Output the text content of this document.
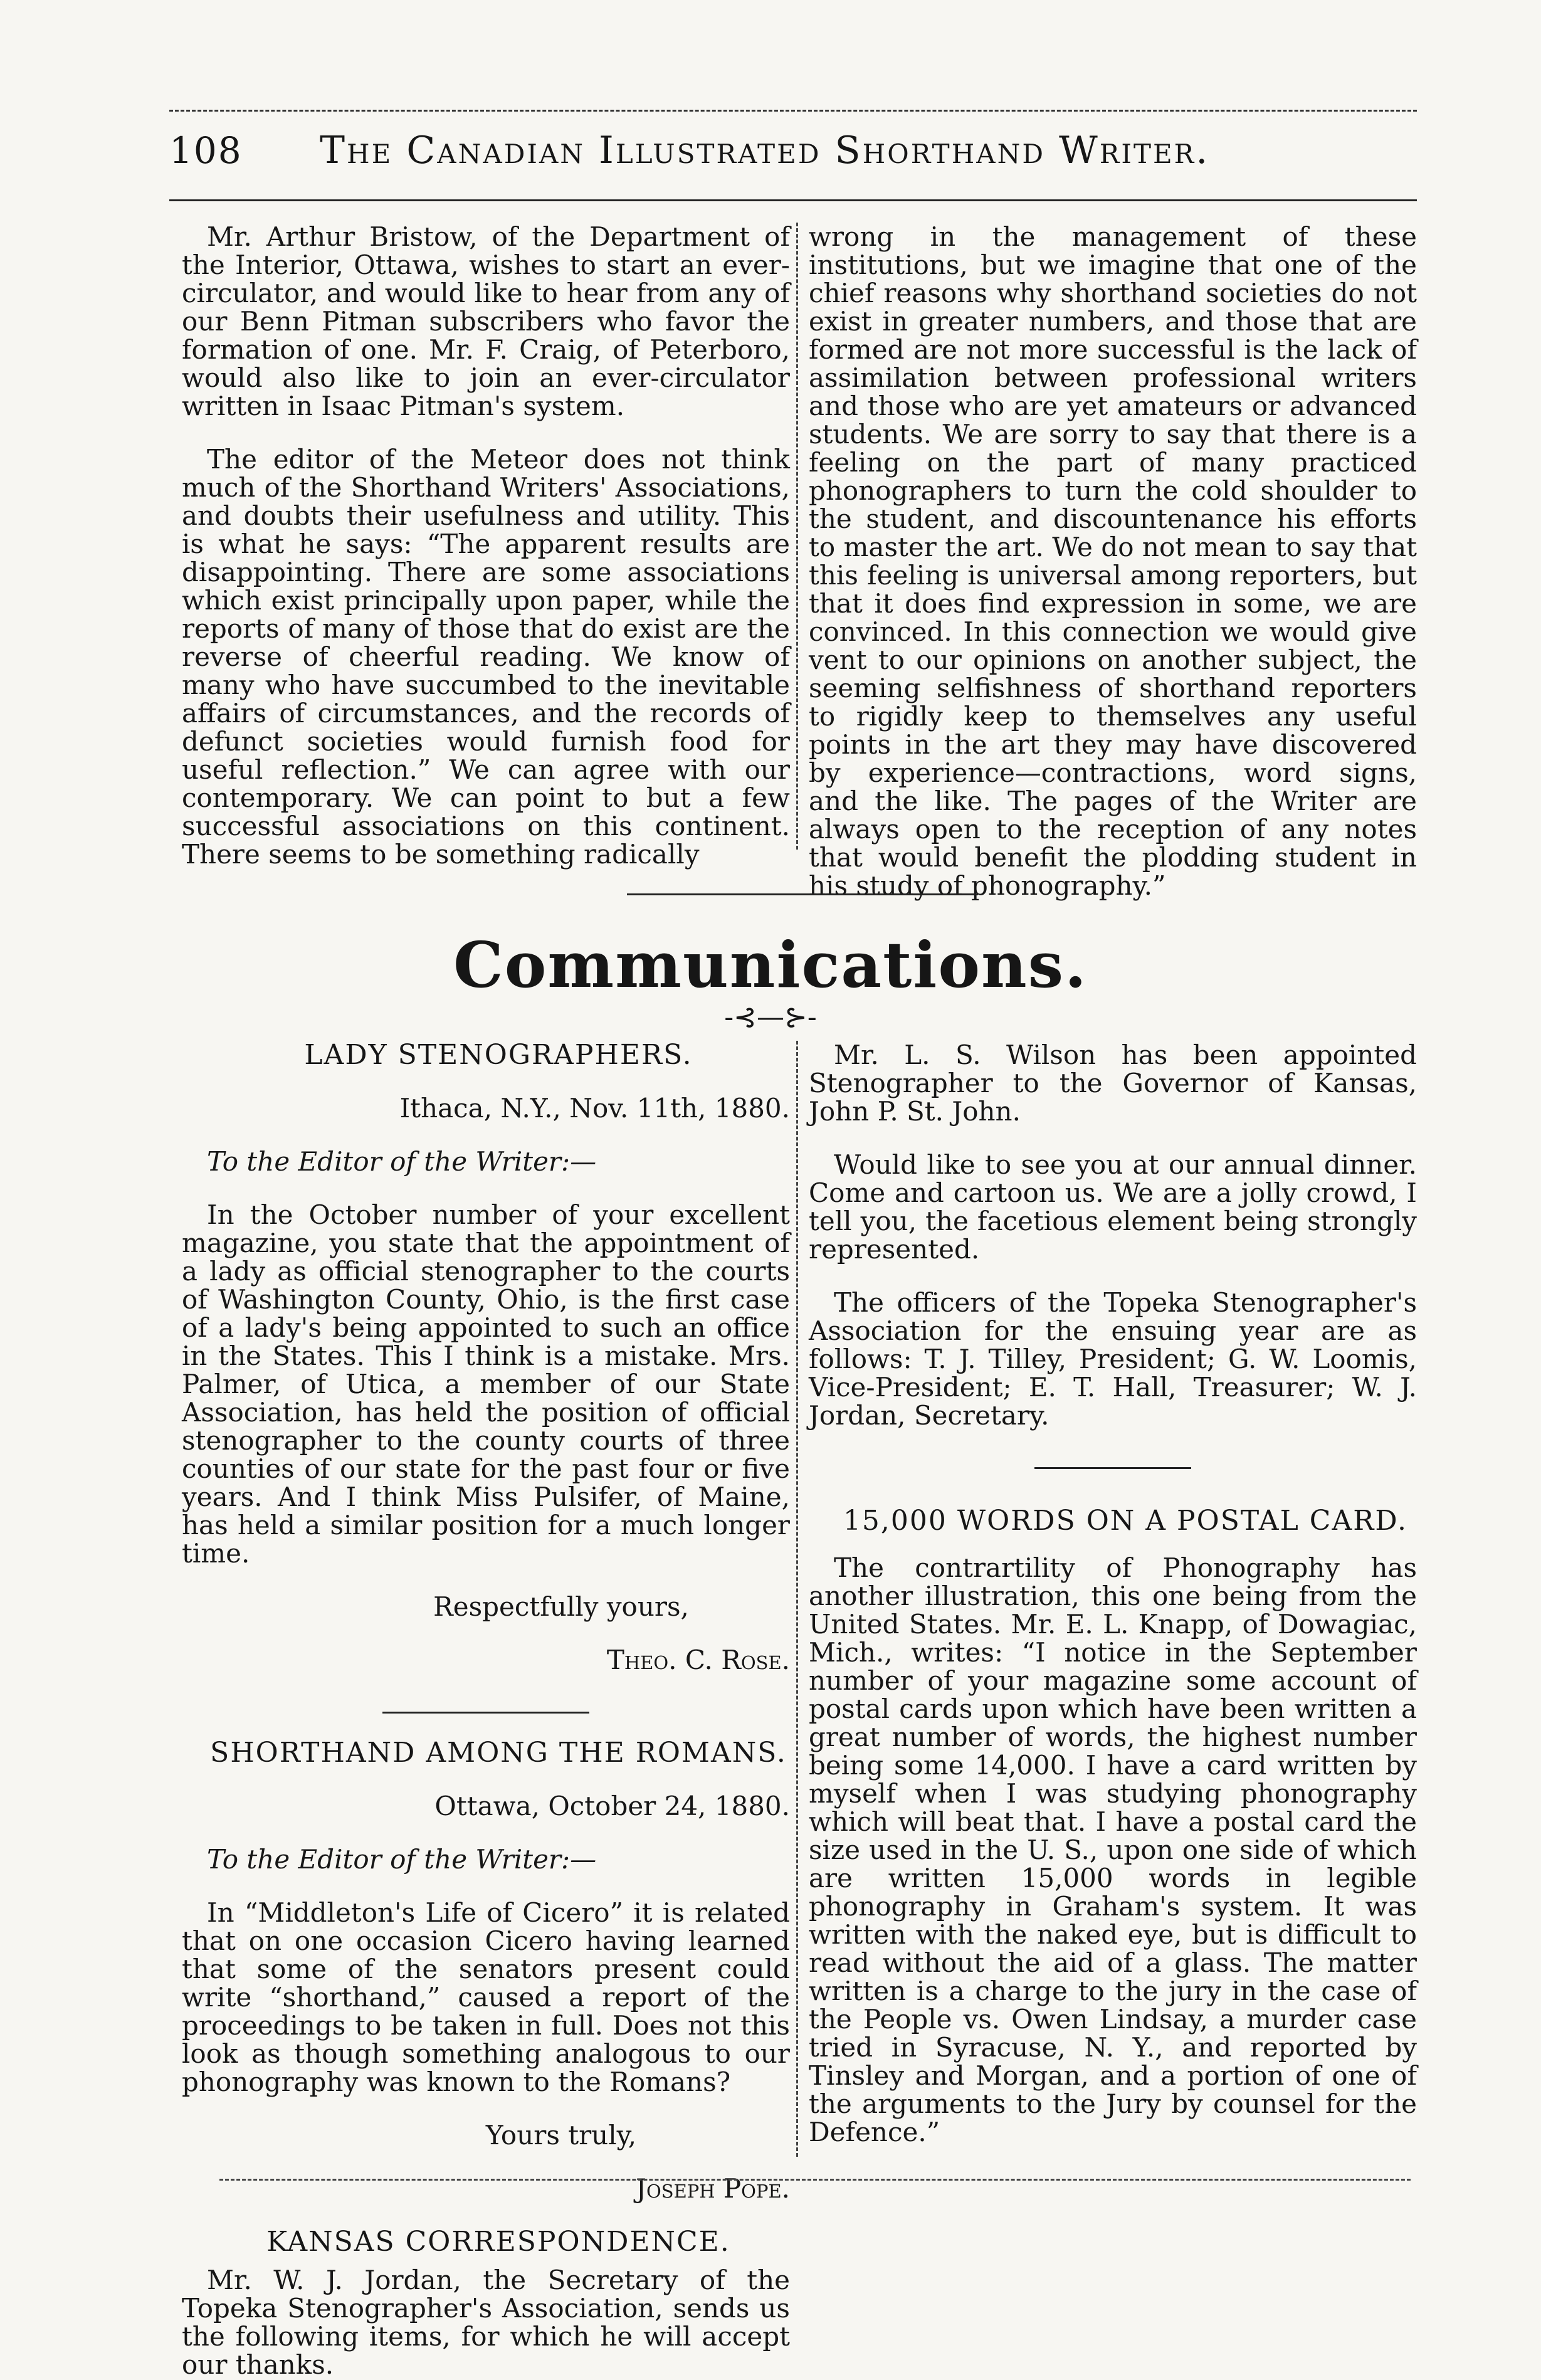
108	The Canadian Illustrated Shorthand Writer.

Mr. Arthur Bristow, of the Department of the Interior, Ottawa, wishes to start an ever-circulator, and would like to hear from any of our Benn Pitman subscribers who favor the formation of one. Mr. F. Craig, of Peterboro, would also like to join an ever-circulator written in Isaac Pitman's system.

The editor of the Meteor does not think much of the Shorthand Writers' Associations, and doubts their usefulness and utility. This is what he says: “The apparent results are disappointing. There are some associations which exist principally upon paper, while the reports of many of those that do exist are the reverse of cheerful reading. We know of many who have succumbed to the inevitable affairs of circumstances, and the records of defunct societies would furnish food for useful reflection.” We can agree with our contemporary. We can point to but a few successful associations on this continent. There seems to be something radically

wrong in the management of these institutions, but we imagine that one of the chief reasons why shorthand societies do not exist in greater numbers, and those that are formed are not more successful is the lack of assimilation between professional writers and those who are yet amateurs or advanced students. We are sorry to say that there is a feeling on the part of many practiced phonographers to turn the cold shoulder to the student, and discountenance his efforts to master the art. We do not mean to say that this feeling is universal among reporters, but that it does find expression in some, we are convinced. In this connection we would give vent to our opinions on another subject, the seeming selfishness of shorthand reporters to rigidly keep to themselves any useful points in the art they may have discovered by experience—contractions, word signs, and the like. The pages of the Writer are always open to the reception of any notes that would benefit the plodding student in his study of phonography.”

Communications.
-⊰—⊱-

LADY STENOGRAPHERS.

Ithaca, N.Y., Nov. 11th, 1880.

To the Editor of the Writer:—

In the October number of your excellent magazine, you state that the appointment of a lady as official stenographer to the courts of Washington County, Ohio, is the first case of a lady's being appointed to such an office in the States. This I think is a mistake. Mrs. Palmer, of Utica, a member of our State Association, has held the position of official stenographer to the county courts of three counties of our state for the past four or five years. And I think Miss Pulsifer, of Maine, has held a similar position for a much longer time.

Respectfully yours,

Theo. C. Rose.

SHORTHAND AMONG THE ROMANS.

Ottawa, October 24, 1880.

To the Editor of the Writer:—

In “Middleton's Life of Cicero” it is related that on one occasion Cicero having learned that some of the senators present could write “shorthand,” caused a report of the proceedings to be taken in full. Does not this look as though something analogous to our phonography was known to the Romans?

Yours truly,

Joseph Pope.

KANSAS CORRESPONDENCE.

Mr. W. J. Jordan, the Secretary of the Topeka Stenographer's Association, sends us the following items, for which he will accept our thanks.

Mr. L. S. Wilson has been appointed Stenographer to the Governor of Kansas, John P. St. John.

Would like to see you at our annual dinner. Come and cartoon us. We are a jolly crowd, I tell you, the facetious element being strongly represented.

The officers of the Topeka Stenographer's Association for the ensuing year are as follows: T. J. Tilley, President; G. W. Loomis, Vice-President; E. T. Hall, Treasurer; W. J. Jordan, Secretary.

15,000 WORDS ON A POSTAL CARD.

The contrartility of Phonography has another illustration, this one being from the United States. Mr. E. L. Knapp, of Dowagiac, Mich., writes: “I notice in the September number of your magazine some account of postal cards upon which have been written a great number of words, the highest number being some 14,000. I have a card written by myself when I was studying phonography which will beat that. I have a postal card the size used in the U. S., upon one side of which are written 15,000 words in legible phonography in Graham's system. It was written with the naked eye, but is difficult to read without the aid of a glass. The matter written is a charge to the jury in the case of the People vs. Owen Lindsay, a murder case tried in Syracuse, N. Y., and reported by Tinsley and Morgan, and a portion of one of the arguments to the Jury by counsel for the Defence.”
